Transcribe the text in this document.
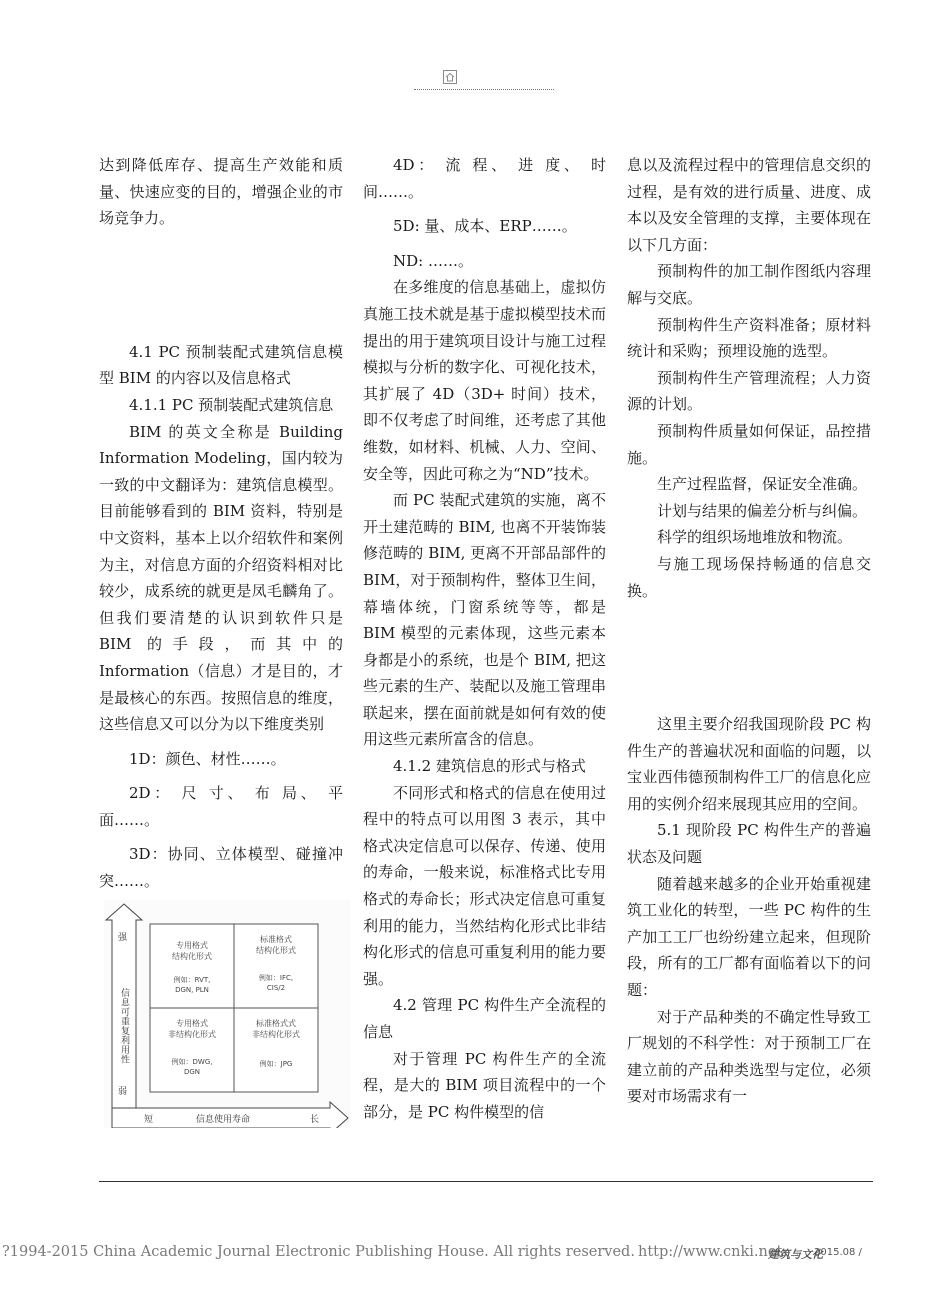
达到降低库存、提高生产效能和质量、快速应变的目的，增强企业的市场竞争力。

4.1 PC 预制装配式建筑信息模型 BIM 的内容以及信息格式

4.1.1 PC 预制装配式建筑信息

BIM 的英文全称是 Building Information Modeling，国内较为一致的中文翻译为：建筑信息模型。目前能够看到的 BIM 资料，特别是中文资料，基本上以介绍软件和案例为主，对信息方面的介绍资料相对比较少，成系统的就更是凤毛麟角了。但我们要清楚的认识到软件只是 BIM 的手段，而其中的 Information（信息）才是目的，才是最核心的东西。按照信息的维度，这些信息又可以分为以下维度类别

1D：颜色、材性……。

2D： 尺 寸、 布 局、 平 面……。

3D：协同、立体模型、碰撞冲突……。

强
信息可重复利用性
弱
短	信息使用寿命	长
专用格式
结构化形式
例如：RVT,
DGN, PLN
标准格式
结构化形式
例如：IFC,
CIS/2
专用格式
非结构化形式
例如：DWG,
DGN
标准格式式
非结构化形式
例如：JPG

4D： 流 程、 进 度、 时 间……。

5D: 量、成本、ERP……。

ND: ……。

在多维度的信息基础上，虚拟仿真施工技术就是基于虚拟模型技术而提出的用于建筑项目设计与施工过程模拟与分析的数字化、可视化技术，其扩展了 4D（3D+ 时间）技术，即不仅考虑了时间维，还考虑了其他维数，如材料、机械、人力、空间、安全等，因此可称之为“ND”技术。

而 PC 装配式建筑的实施，离不开土建范畴的 BIM, 也离不开装饰装修范畴的 BIM, 更离不开部品部件的 BIM，对于预制构件，整体卫生间，幕墙体统，门窗系统等等，都是 BIM 模型的元素体现，这些元素本身都是小的系统，也是个 BIM, 把这些元素的生产、装配以及施工管理串联起来，摆在面前就是如何有效的使用这些元素所富含的信息。

4.1.2 建筑信息的形式与格式

不同形式和格式的信息在使用过程中的特点可以用图 3 表示，其中格式决定信息可以保存、传递、使用的寿命，一般来说，标准格式比专用格式的寿命长；形式决定信息可重复利用的能力，当然结构化形式比非结构化形式的信息可重复利用的能力要强。

4.2 管理 PC 构件生产全流程的信息

对于管理 PC 构件生产的全流程，是大的 BIM 项目流程中的一个部分，是 PC 构件模型的信

息以及流程过程中的管理信息交织的过程，是有效的进行质量、进度、成本以及安全管理的支撑，主要体现在以下几方面：

预制构件的加工制作图纸内容理解与交底。

预制构件生产资料准备；原材料统计和采购；预埋设施的选型。

预制构件生产管理流程；人力资源的计划。

预制构件质量如何保证，品控措施。

生产过程监督，保证安全准确。

计划与结果的偏差分析与纠偏。

科学的组织场地堆放和物流。

与施工现场保持畅通的信息交换。

这里主要介绍我国现阶段 PC 构件生产的普遍状况和面临的问题，以宝业西伟德预制构件工厂的信息化应用的实例介绍来展现其应用的空间。

5.1 现阶段 PC 构件生产的普遍状态及问题

随着越来越多的企业开始重视建筑工业化的转型，一些 PC 构件的生产加工工厂也纷纷建立起来，但现阶段，所有的工厂都有面临着以下的问题：

对于产品种类的不确定性导致工厂规划的不科学性：对于预制工厂在建立前的产品种类选型与定位，必须要对市场需求有一

?1994-2015 China Academic Journal Electronic Publishing House. All rights reserved. http://www.cnki.net
建筑与文化
2015.08 /
